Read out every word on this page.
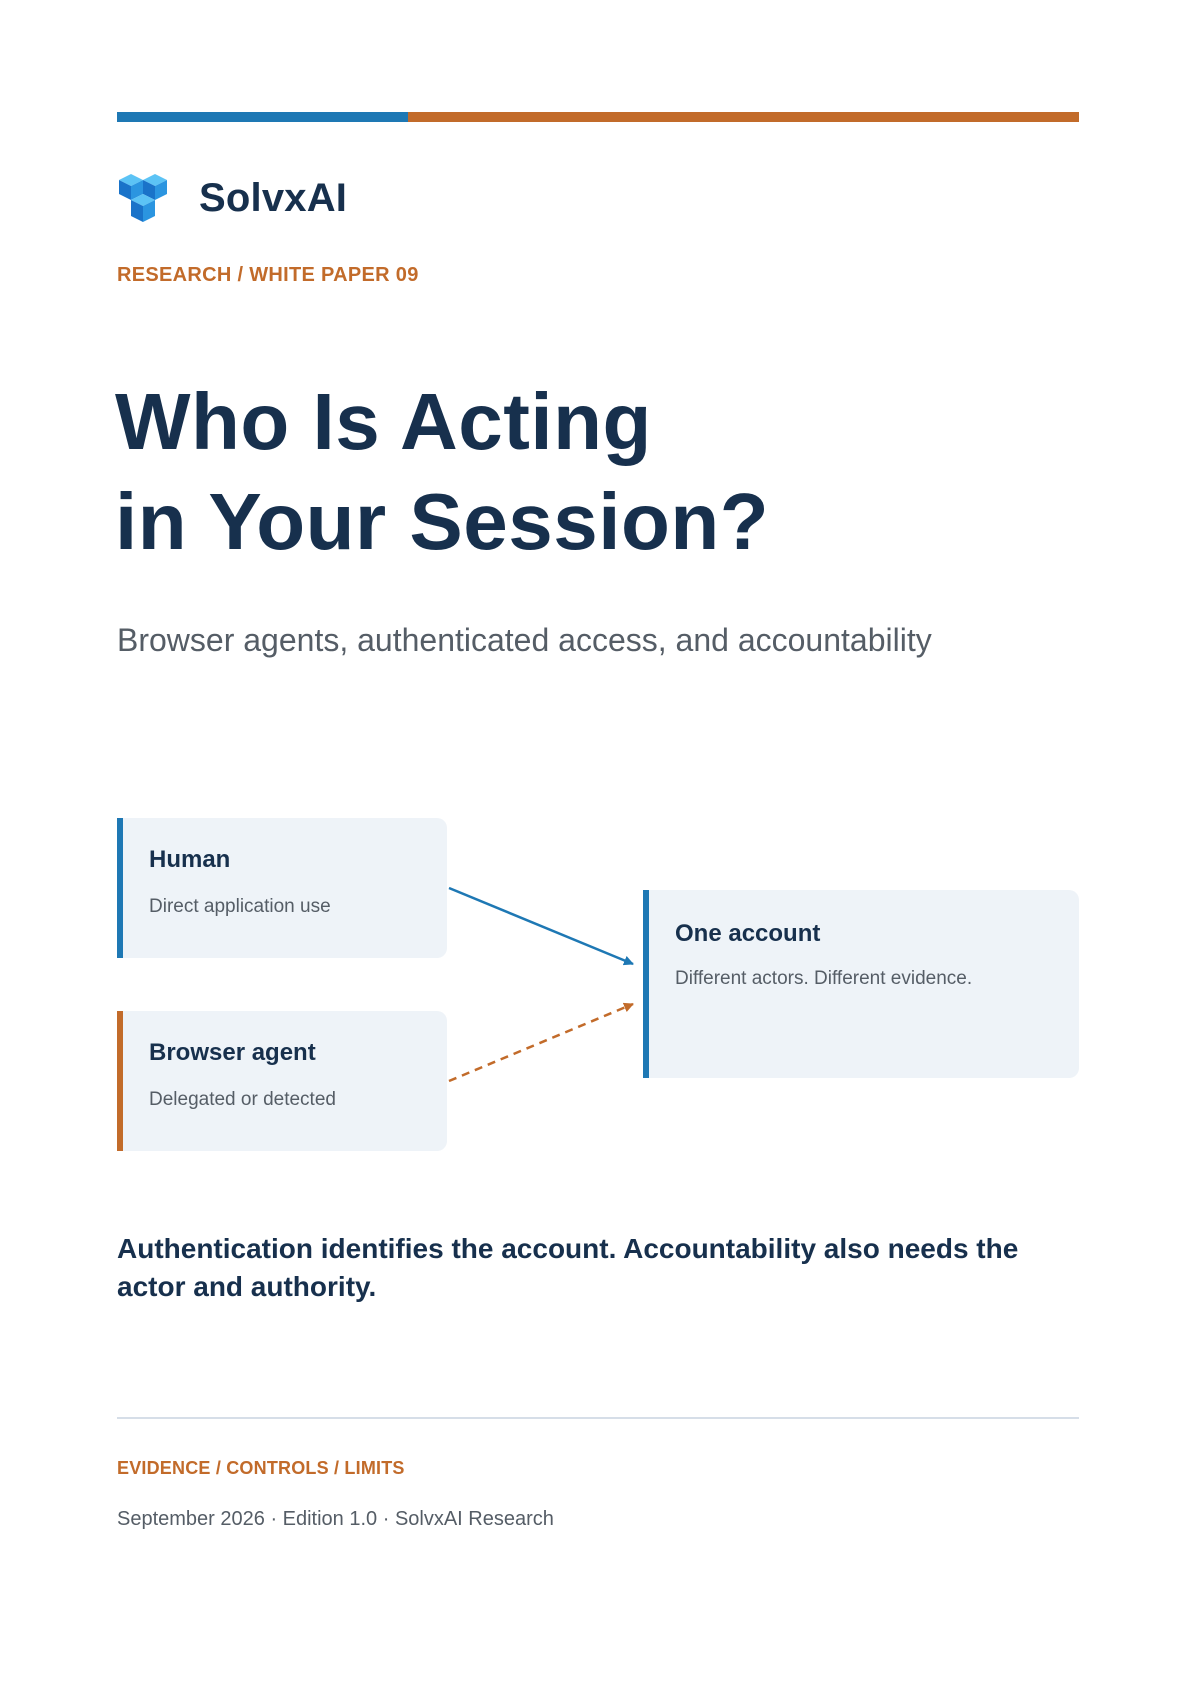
SolvxAI
RESEARCH / WHITE PAPER 09
Who Is Acting
in Your Session?
Browser agents, authenticated access, and accountability
Human
Direct application use
Browser agent
Delegated or detected
One account
Different actors. Different evidence.
Authentication identifies the account. Accountability also needs the actor and authority.
EVIDENCE / CONTROLS / LIMITS
September 2026 · Edition 1.0 · SolvxAI Research
